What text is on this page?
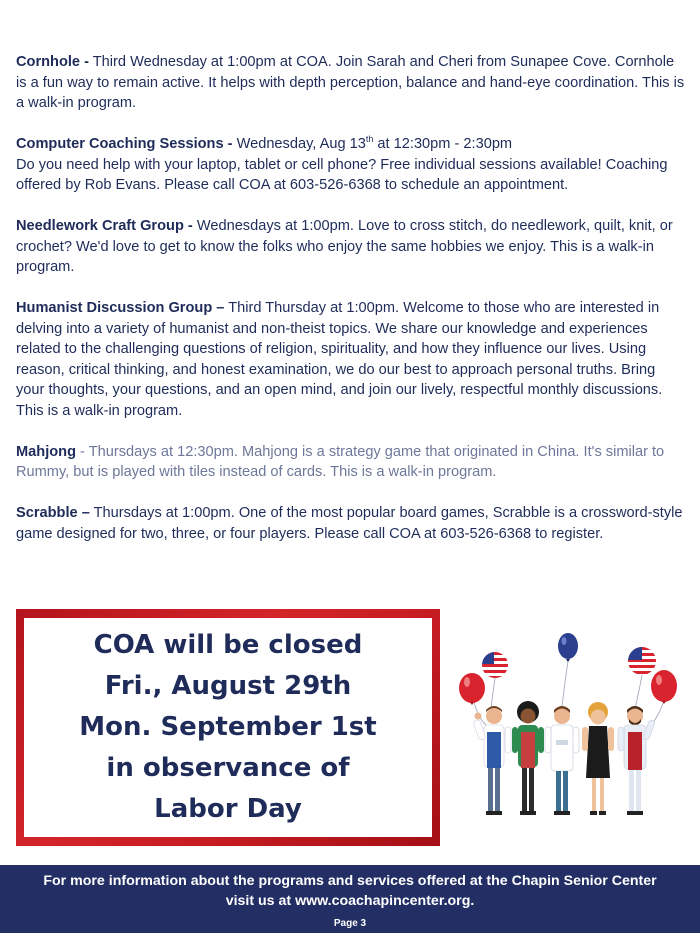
Cornhole - Third Wednesday at 1:00pm at COA. Join Sarah and Cheri from Sunapee Cove. Cornhole is a fun way to remain active. It helps with depth perception, balance and hand-eye coordination. This is a walk-in program.

Computer Coaching Sessions - Wednesday, Aug 13th at 12:30pm - 2:30pm
Do you need help with your laptop, tablet or cell phone? Free individual sessions available! Coaching offered by Rob Evans. Please call COA at 603-526-6368 to schedule an appointment.

Needlework Craft Group - Wednesdays at 1:00pm. Love to cross stitch, do needlework, quilt, knit, or crochet? We'd love to get to know the folks who enjoy the same hobbies we enjoy. This is a walk-in program.

Humanist Discussion Group – Third Thursday at 1:00pm. Welcome to those who are interested in delving into a variety of humanist and non-theist topics. We share our knowledge and experiences related to the challenging questions of religion, spirituality, and how they influence our lives. Using reason, critical thinking, and honest examination, we do our best to approach personal truths. Bring your thoughts, your questions, and an open mind, and join our lively, respectful monthly discussions. This is a walk-in program.

Mahjong - Thursdays at 12:30pm. Mahjong is a strategy game that originated in China. It's similar to Rummy, but is played with tiles instead of cards. This is a walk-in program.

Scrabble – Thursdays at 1:00pm. One of the most popular board games, Scrabble is a crossword-style game designed for two, three, or four players. Please call COA at 603-526-6368 to register.

COA will be closed
Fri., August 29th
Mon. September 1st
in observance of
Labor Day
For more information about the programs and services offered at the Chapin Senior Center
visit us at www.coachapincenter.org.
Page 3
